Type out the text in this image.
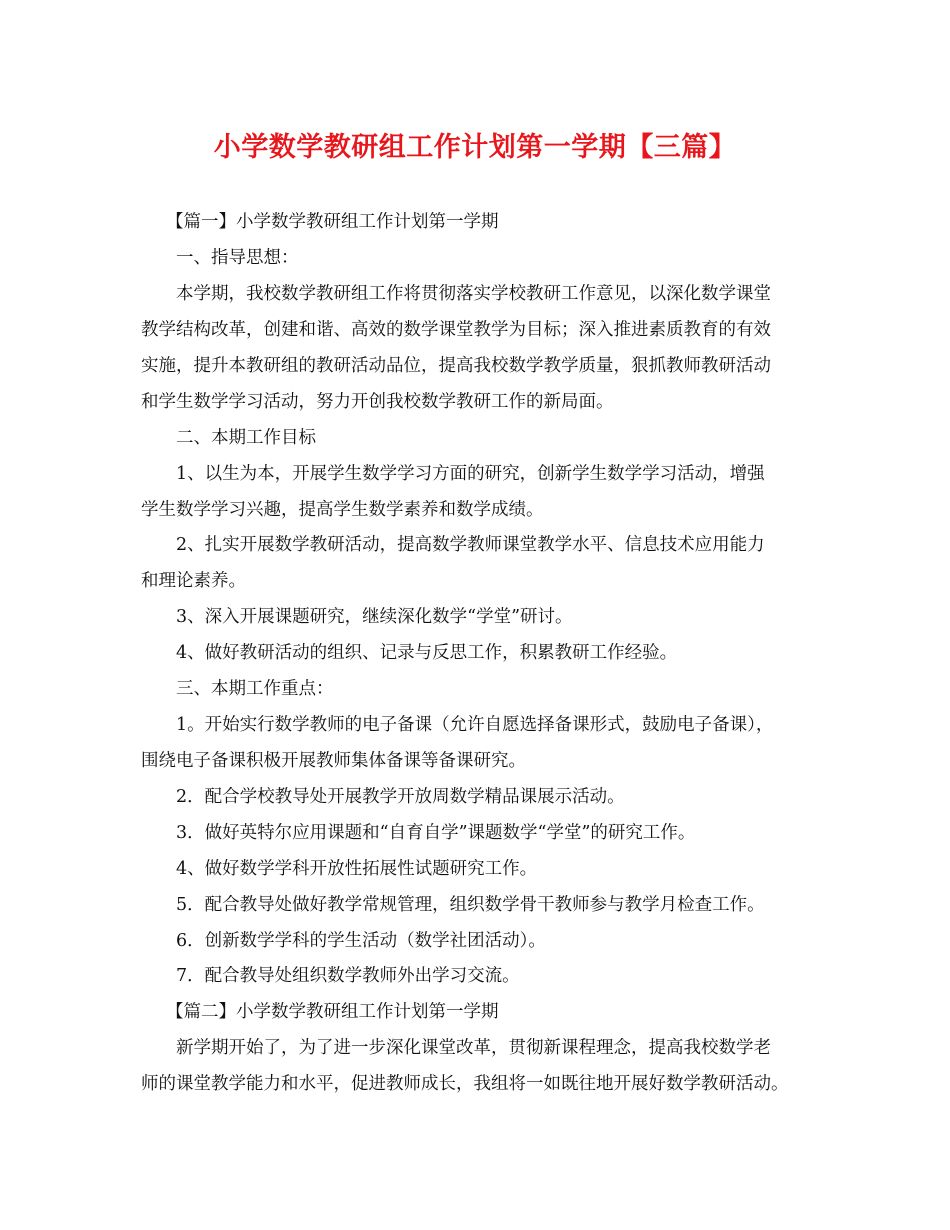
小学数学教研组工作计划第一学期【三篇】
【篇一】小学数学教研组工作计划第一学期
一、指导思想：
本学期，我校数学教研组工作将贯彻落实学校教研工作意见，以深化数学课堂
教学结构改革，创建和谐、高效的数学课堂教学为目标；深入推进素质教育的有效
实施，提升本教研组的教研活动品位，提高我校数学教学质量，狠抓教师教研活动
和学生数学学习活动，努力开创我校数学教研工作的新局面。
二、本期工作目标
1、以生为本，开展学生数学学习方面的研究，创新学生数学学习活动，增强
学生数学学习兴趣，提高学生数学素养和数学成绩。
2、扎实开展数学教研活动，提高数学教师课堂教学水平、信息技术应用能力
和理论素养。
3、深入开展课题研究，继续深化数学“学堂”研讨。
4、做好教研活动的组织、记录与反思工作，积累教研工作经验。
三、本期工作重点：
1。开始实行数学教师的电子备课（允许自愿选择备课形式，鼓励电子备课），
围绕电子备课积极开展教师集体备课等备课研究。
2．配合学校教导处开展教学开放周数学精品课展示活动。
3．做好英特尔应用课题和“自育自学”课题数学“学堂”的研究工作。
4、做好数学学科开放性拓展性试题研究工作。
5．配合教导处做好教学常规管理，组织数学骨干教师参与教学月检查工作。
6．创新数学学科的学生活动（数学社团活动）。
7．配合教导处组织数学教师外出学习交流。
【篇二】小学数学教研组工作计划第一学期
新学期开始了，为了进一步深化课堂改革，贯彻新课程理念，提高我校数学老
师的课堂教学能力和水平，促进教师成长，我组将一如既往地开展好数学教研活动。
